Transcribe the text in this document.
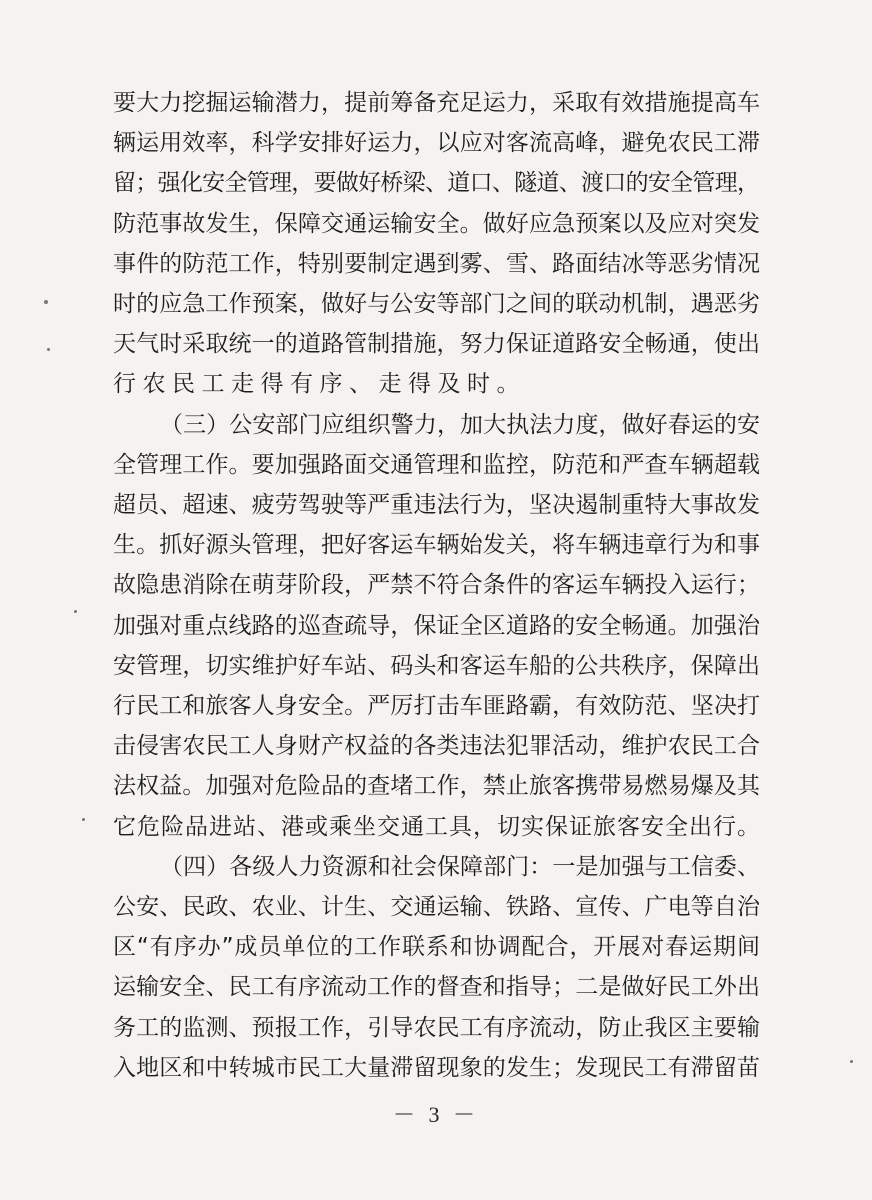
要大力挖掘运输潜力，提前筹备充足运力，采取有效措施提高车
辆运用效率，科学安排好运力，以应对客流高峰，避免农民工滞
留；强化安全管理，要做好桥梁、道口、隧道、渡口的安全管理，
防范事故发生，保障交通运输安全。做好应急预案以及应对突发
事件的防范工作，特别要制定遇到雾、雪、路面结冰等恶劣情况
时的应急工作预案，做好与公安等部门之间的联动机制，遇恶劣
天气时采取统一的道路管制措施，努力保证道路安全畅通，使出
行农民工走得有序、走得及时。
（三）公安部门应组织警力，加大执法力度，做好春运的安
全管理工作。要加强路面交通管理和监控，防范和严查车辆超载
超员、超速、疲劳驾驶等严重违法行为，坚决遏制重特大事故发
生。抓好源头管理，把好客运车辆始发关，将车辆违章行为和事
故隐患消除在萌芽阶段，严禁不符合条件的客运车辆投入运行；
加强对重点线路的巡查疏导，保证全区道路的安全畅通。加强治
安管理，切实维护好车站、码头和客运车船的公共秩序，保障出
行民工和旅客人身安全。严厉打击车匪路霸，有效防范、坚决打
击侵害农民工人身财产权益的各类违法犯罪活动，维护农民工合
法权益。加强对危险品的查堵工作，禁止旅客携带易燃易爆及其
它危险品进站、港或乘坐交通工具，切实保证旅客安全出行。
（四）各级人力资源和社会保障部门：一是加强与工信委、
公安、民政、农业、计生、交通运输、铁路、宣传、广电等自治
区“有序办”成员单位的工作联系和协调配合，开展对春运期间
运输安全、民工有序流动工作的督查和指导；二是做好民工外出
务工的监测、预报工作，引导农民工有序流动，防止我区主要输
入地区和中转城市民工大量滞留现象的发生；发现民工有滞留苗
－ 3 －
